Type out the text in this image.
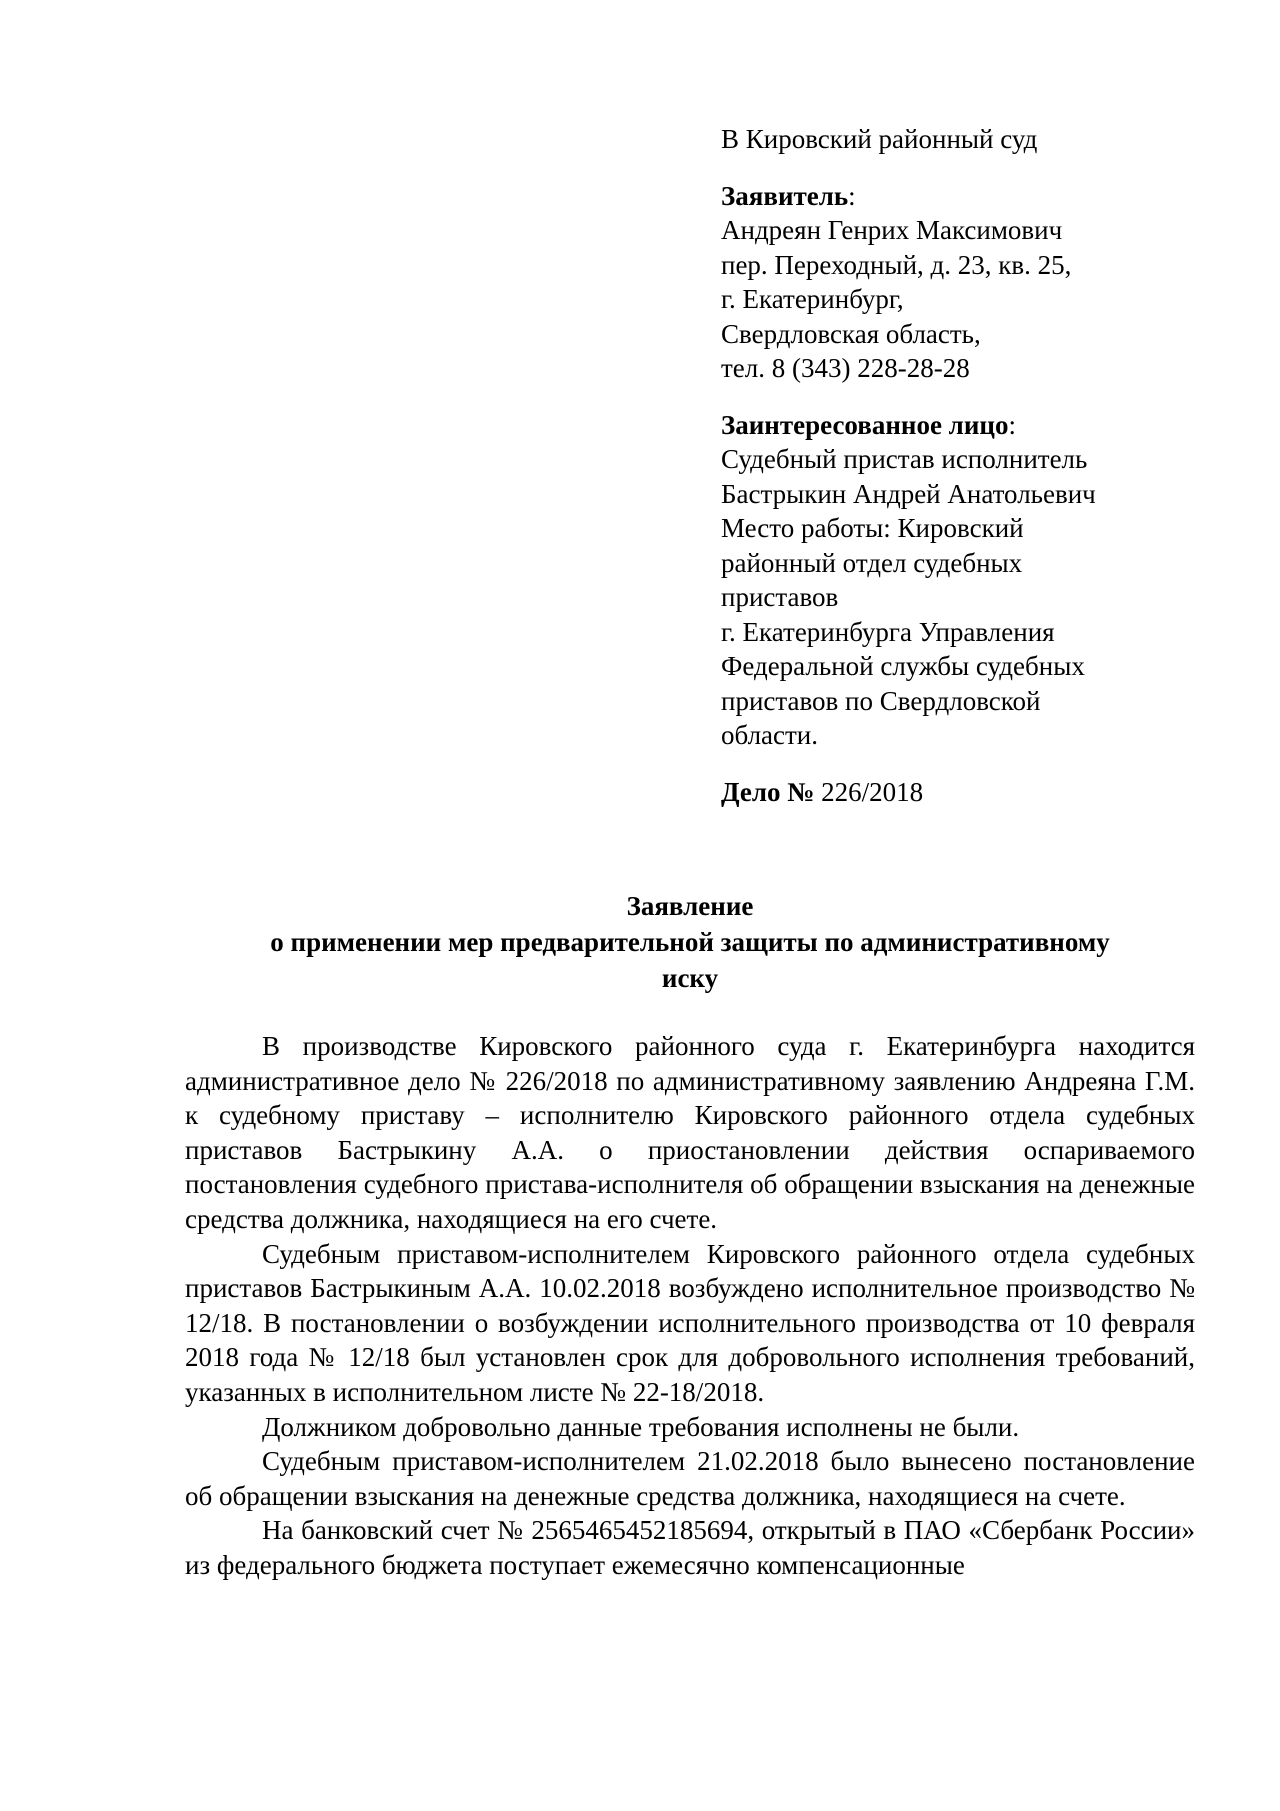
В Кировский районный суд

Заявитель:

Андреян Генрих Максимович

пер. Переходный, д. 23, кв. 25,

г. Екатеринбург,

Свердловская область,

тел. 8 (343) 228-28-28

Заинтересованное лицо:

Судебный пристав исполнитель

Бастрыкин Андрей Анатольевич

Место работы: Кировский

районный отдел судебных

приставов

г. Екатеринбурга Управления

Федеральной службы судебных

приставов по Свердловской

области.

Дело № 226/2018

Заявление
о применении мер предварительной защиты по административному
иску

В производстве Кировского районного суда г. Екатеринбурга находится административное дело № 226/2018 по административному заявлению Андреяна Г.М. к судебному приставу – исполнителю Кировского районного отдела судебных приставов Бастрыкину А.А. о приостановлении действия оспариваемого постановления судебного пристава-исполнителя об обращении взыскания на денежные средства должника, находящиеся на его счете.

Судебным приставом-исполнителем Кировского районного отдела судебных приставов Бастрыкиным А.А. 10.02.2018 возбуждено исполнительное производство № 12/18. В постановлении о возбуждении исполнительного производства от 10 февраля 2018 года № 12/18 был установлен срок для добровольного исполнения требований, указанных в исполнительном листе № 22-18/2018.

Должником добровольно данные требования исполнены не были.

Судебным приставом-исполнителем 21.02.2018 было вынесено постановление об обращении взыскания на денежные средства должника, находящиеся на счете.

На банковский счет № 2565465452185694, открытый в ПАО «Сбербанк России» из федерального бюджета поступает ежемесячно компенсационные
